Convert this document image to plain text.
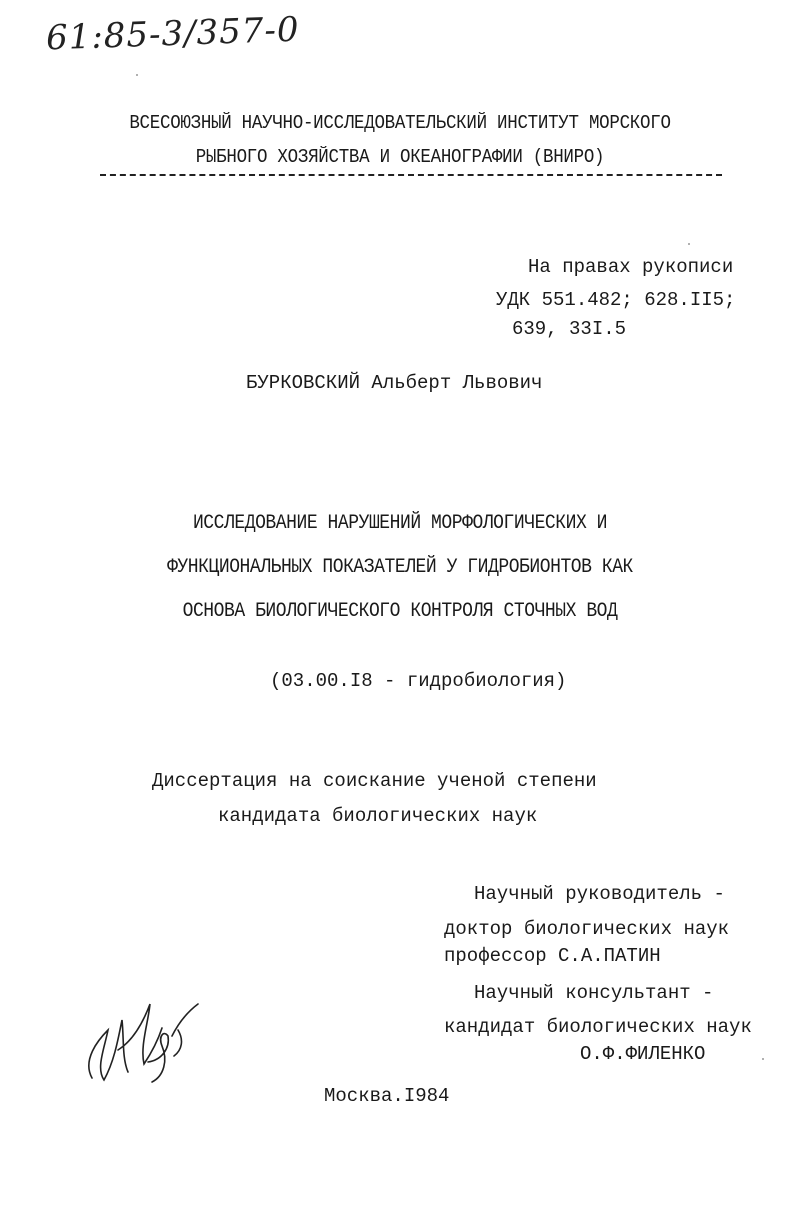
61:85-3/357-0
ВСЕСОЮЗНЫЙ НАУЧНО-ИССЛЕДОВАТЕЛЬСКИЙ ИНСТИТУТ МОРСКОГО
РЫБНОГО ХОЗЯЙСТВА И ОКЕАНОГРАФИИ (ВНИРО)
На правах рукописи
УДК 551.482; 628.II5;
639, 33I.5
БУРКОВСКИЙ Альберт Львович
ИССЛЕДОВАНИЕ НАРУШЕНИЙ МОРФОЛОГИЧЕСКИХ И
ФУНКЦИОНАЛЬНЫХ ПОКАЗАТЕЛЕЙ У ГИДРОБИОНТОВ КАК
ОСНОВА БИОЛОГИЧЕСКОГО КОНТРОЛЯ СТОЧНЫХ ВОД
(03.00.I8 - гидробиология)
Диссертация на соискание ученой степени
кандидата биологических наук
Научный руководитель -
доктор биологических наук
профессор С.А.ПАТИН
Научный консультант -
кандидат биологических наук
О.Ф.ФИЛЕНКО
Москва.I984
